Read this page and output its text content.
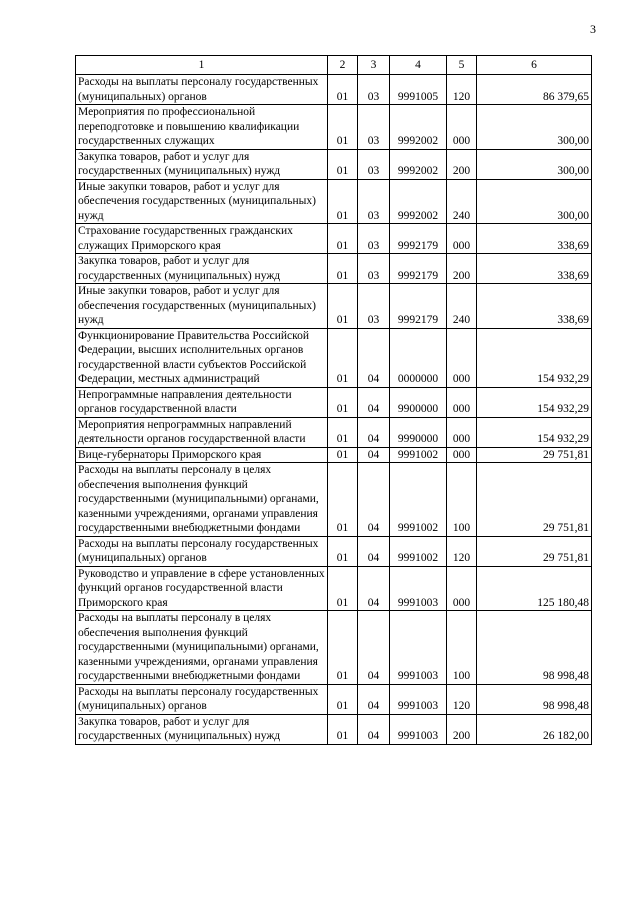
3
1	2	3	4	5	6
Расходы на выплаты персоналу государственных (муниципальных) органов	01	03	9991005	120	86 379,65
Мероприятия по профессиональной переподготовке и повышению квалификации государственных служащих	01	03	9992002	000	300,00
Закупка товаров, работ и услуг для государственных (муниципальных) нужд	01	03	9992002	200	300,00
Иные закупки товаров, работ и услуг для обеспечения государственных (муниципальных) нужд	01	03	9992002	240	300,00
Страхование государственных гражданских служащих Приморского края	01	03	9992179	000	338,69
Закупка товаров, работ и услуг для государственных (муниципальных) нужд	01	03	9992179	200	338,69
Иные закупки товаров, работ и услуг для обеспечения государственных (муниципальных) нужд	01	03	9992179	240	338,69
Функционирование Правительства Российской Федерации, высших исполнительных органов государственной власти субъектов Российской Федерации, местных администраций	01	04	0000000	000	154 932,29
Непрограммные направления деятельности органов государственной власти	01	04	9900000	000	154 932,29
Мероприятия непрограммных направлений деятельности органов государственной власти	01	04	9990000	000	154 932,29
Вице-губернаторы Приморского края	01	04	9991002	000	29 751,81
Расходы на выплаты персоналу в целях обеспечения выполнения функций государственными (муниципальными) органами, казенными учреждениями, органами управления государственными внебюджетными фондами	01	04	9991002	100	29 751,81
Расходы на выплаты персоналу государственных (муниципальных) органов	01	04	9991002	120	29 751,81
Руководство и управление в сфере установленных функций органов государственной власти Приморского края	01	04	9991003	000	125 180,48
Расходы на выплаты персоналу в целях обеспечения выполнения функций государственными (муниципальными) органами, казенными учреждениями, органами управления государственными внебюджетными фондами	01	04	9991003	100	98 998,48
Расходы на выплаты персоналу государственных (муниципальных) органов	01	04	9991003	120	98 998,48
Закупка товаров, работ и услуг для государственных (муниципальных) нужд	01	04	9991003	200	26 182,00
